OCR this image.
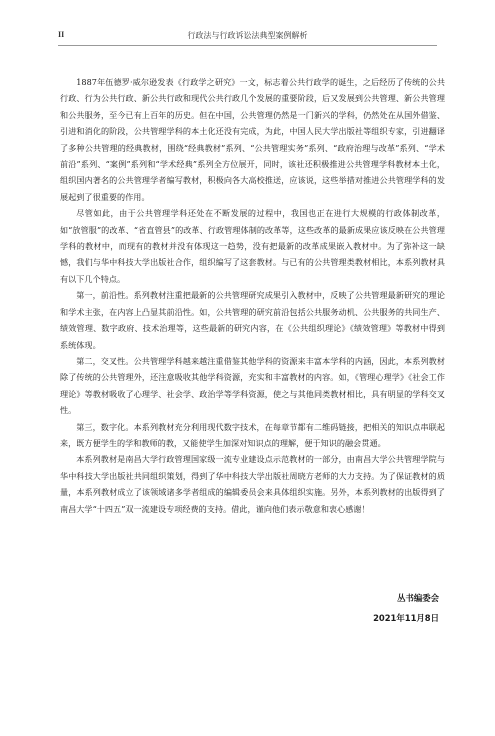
II	行政法与行政诉讼法典型案例解析

1887年伍德罗·威尔逊发表《行政学之研究》一文，标志着公共行政学的诞生，之后经历了传统的公共行政、行为公共行政、新公共行政和现代公共行政几个发展的重要阶段，后又发展到公共管理、新公共管理和公共服务，至今已有上百年的历史。但在中国，公共管理仍然是一门新兴的学科，仍然处在从国外借鉴、引进和消化的阶段，公共管理学科的本土化还没有完成，为此，中国人民大学出版社等组织专家，引进翻译了多种公共管理的经典教材，围绕“经典教材”系列、“公共管理实务”系列、“政府治理与改革”系列、“学术前沿”系列、“案例”系列和“学术经典”系列全方位展开，同时，该社还积极推进公共管理学科教材本土化，组织国内著名的公共管理学者编写教材，积极向各大高校推送，应该说，这些举措对推进公共管理学科的发展起到了很重要的作用。

尽管如此，由于公共管理学科还处在不断发展的过程中，我国也正在进行大规模的行政体制改革，如“放管服”的改革、“省直管县”的改革、行政管理体制的改革等，这些改革的最新成果应该反映在公共管理学科的教材中，而现有的教材并没有体现这一趋势，没有把最新的改革成果嵌入教材中。为了弥补这一缺憾，我们与华中科技大学出版社合作，组织编写了这套教材。与已有的公共管理类教材相比，本系列教材具有以下几个特点。

第一，前沿性。系列教材注重把最新的公共管理研究成果引入教材中，反映了公共管理最新研究的理论和学术主张，在内容上凸显其前沿性。如，公共管理的研究前沿包括公共服务动机、公共服务的共同生产、绩效管理、数字政府、技术治理等，这些最新的研究内容，在《公共组织理论》《绩效管理》等教材中得到系统体现。

第二，交叉性。公共管理学科越来越注重借鉴其他学科的资源来丰富本学科的内涵，因此，本系列教材除了传统的公共管理外，还注意吸收其他学科资源，充实和丰富教材的内容。如，《管理心理学》《社会工作理论》等教材吸收了心理学、社会学、政治学等学科资源，使之与其他同类教材相比，具有明显的学科交叉性。

第三，数字化。本系列教材充分利用现代数字技术，在每章节都有二维码链接，把相关的知识点串联起来，既方便学生的学和教师的教，又能使学生加深对知识点的理解，便于知识的融会贯通。

本系列教材是南昌大学行政管理国家级一流专业建设点示范教材的一部分，由南昌大学公共管理学院与华中科技大学出版社共同组织策划，得到了华中科技大学出版社周晓方老师的大力支持。为了保证教材的质量，本系列教材成立了该领域诸多学者组成的编辑委员会来具体组织实施。另外，本系列教材的出版得到了南昌大学“十四五”双一流建设专项经费的支持。借此，谨向他们表示敬意和衷心感谢！

丛书编委会
2021年11月8日
